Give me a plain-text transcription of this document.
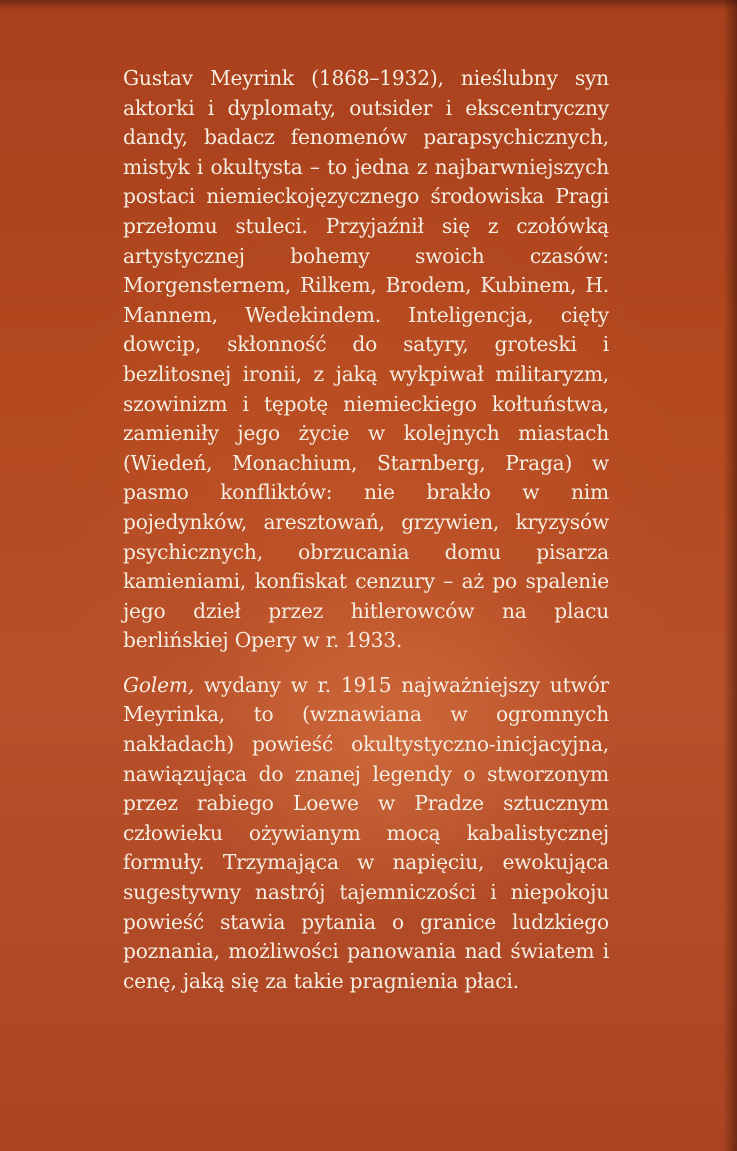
Gustav Meyrink (1868–1932), nieślubny syn aktorki i dyplomaty, outsider i ekscentryczny dandy, badacz fenomenów parapsychicznych, mistyk i okultysta – to jedna z najbarwniejszych postaci niemieckojęzycznego środowiska Pragi przełomu stuleci. Przyjaźnił się z czołówką artystycznej bohemy swoich czasów: Morgensternem, Rilkem, Brodem, Kubinem, H. Mannem, Wedekindem. Inteligencja, cięty dowcip, skłonność do satyry, groteski i bezlitosnej ironii, z jaką wykpiwał militaryzm, szowinizm i tępotę niemieckiego kołtuństwa, zamieniły jego życie w kolejnych miastach (Wiedeń, Monachium, Starnberg, Praga) w pasmo konfliktów: nie brakło w nim pojedynków, aresztowań, grzywien, kryzysów psychicznych, obrzucania domu pisarza kamieniami, konfiskat cenzury – aż po spalenie jego dzieł przez hitlerowców na placu berlińskiej Opery w r. 1933.

Golem, wydany w r. 1915 najważniejszy utwór Meyrinka, to (wznawiana w ogromnych nakładach) powieść okultystyczno-inicjacyjna, nawiązująca do znanej legendy o stworzonym przez rabiego Loewe w Pradze sztucznym człowieku ożywianym mocą kabalistycznej formuły. Trzymająca w napięciu, ewokująca sugestywny nastrój tajemniczości i niepokoju powieść stawia pytania o granice ludzkiego poznania, możliwości panowania nad światem i cenę, jaką się za takie pragnienia płaci.
